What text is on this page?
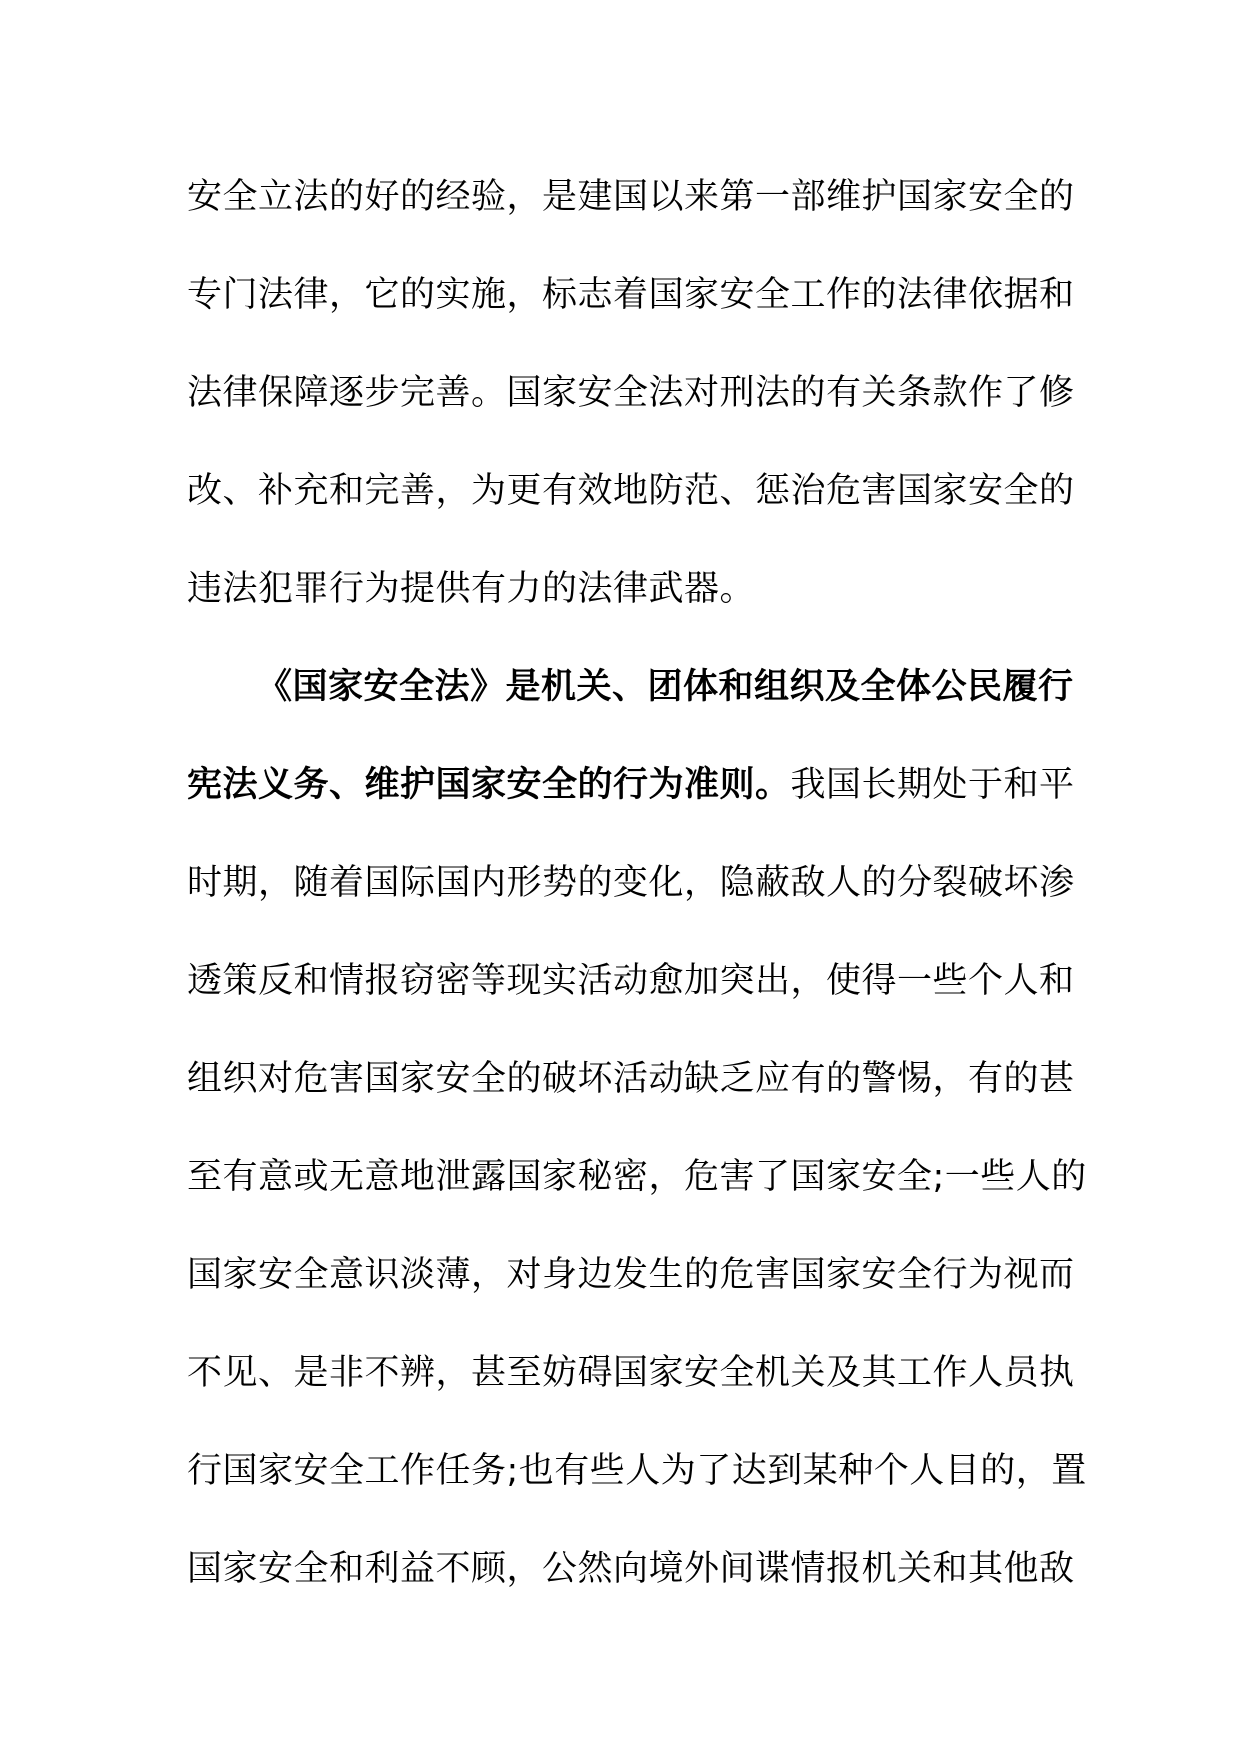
安全立法的好的经验，是建国以来第一部维护国家安全的
专门法律，它的实施，标志着国家安全工作的法律依据和
法律保障逐步完善。国家安全法对刑法的有关条款作了修
改、补充和完善，为更有效地防范、惩治危害国家安全的
违法犯罪行为提供有力的法律武器。
《国家安全法》是机关、团体和组织及全体公民履行
宪法义务、维护国家安全的行为准则。我国长期处于和平
时期，随着国际国内形势的变化，隐蔽敌人的分裂破坏渗
透策反和情报窃密等现实活动愈加突出，使得一些个人和
组织对危害国家安全的破坏活动缺乏应有的警惕，有的甚
至有意或无意地泄露国家秘密，危害了国家安全;一些人的
国家安全意识淡薄，对身边发生的危害国家安全行为视而
不见、是非不辨，甚至妨碍国家安全机关及其工作人员执
行国家安全工作任务;也有些人为了达到某种个人目的，置
国家安全和利益不顾，公然向境外间谍情报机关和其他敌
